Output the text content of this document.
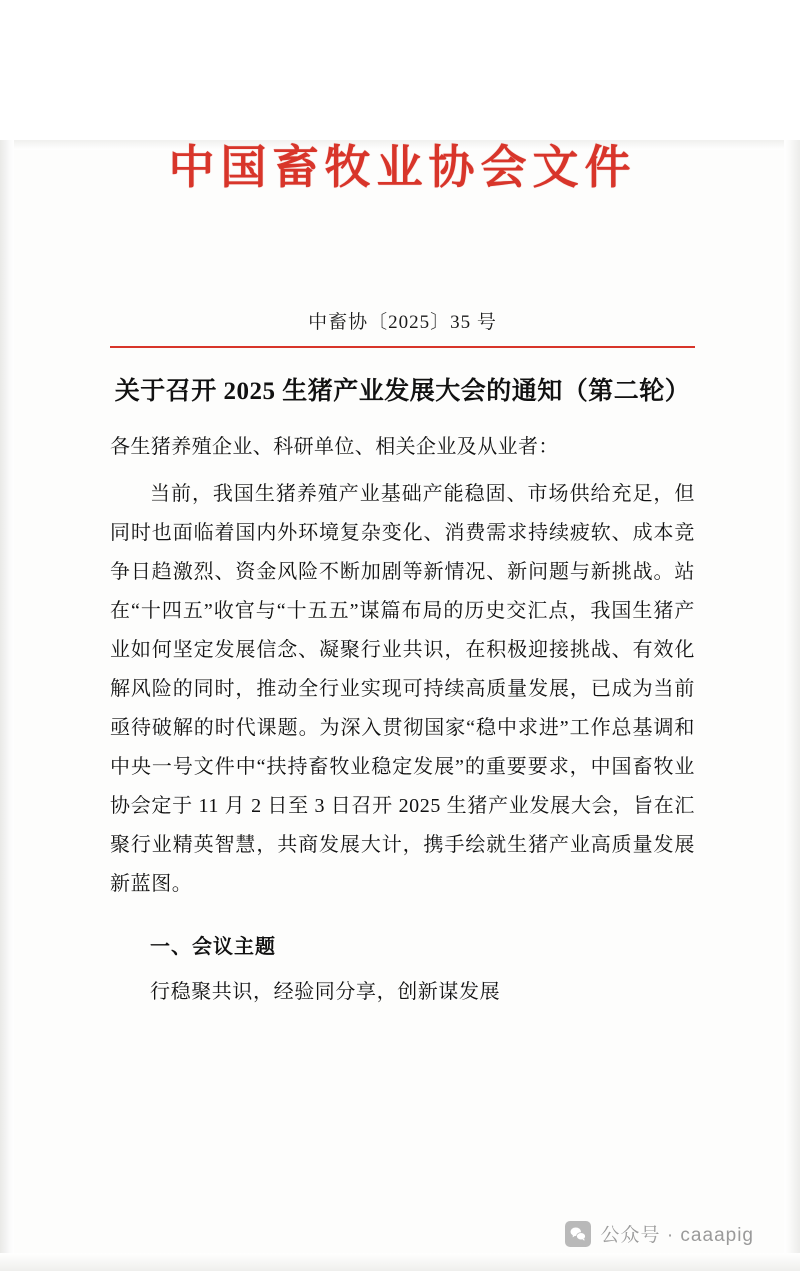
中国畜牧业协会文件
中畜协〔2025〕35 号
关于召开 2025 生猪产业发展大会的通知（第二轮）
各生猪养殖企业、科研单位、相关企业及从业者：
当前，我国生猪养殖产业基础产能稳固、市场供给充足，但同时也面临着国内外环境复杂变化、消费需求持续疲软、成本竞争日趋激烈、资金风险不断加剧等新情况、新问题与新挑战。站在“十四五”收官与“十五五”谋篇布局的历史交汇点，我国生猪产业如何坚定发展信念、凝聚行业共识，在积极迎接挑战、有效化解风险的同时，推动全行业实现可持续高质量发展，已成为当前亟待破解的时代课题。为深入贯彻国家“稳中求进”工作总基调和中央一号文件中“扶持畜牧业稳定发展”的重要要求，中国畜牧业协会定于 11 月 2 日至 3 日召开 2025 生猪产业发展大会，旨在汇聚行业精英智慧，共商发展大计，携手绘就生猪产业高质量发展新蓝图。
一、会议主题
行稳聚共识，经验同分享，创新谋发展
公众号 · caaapig
